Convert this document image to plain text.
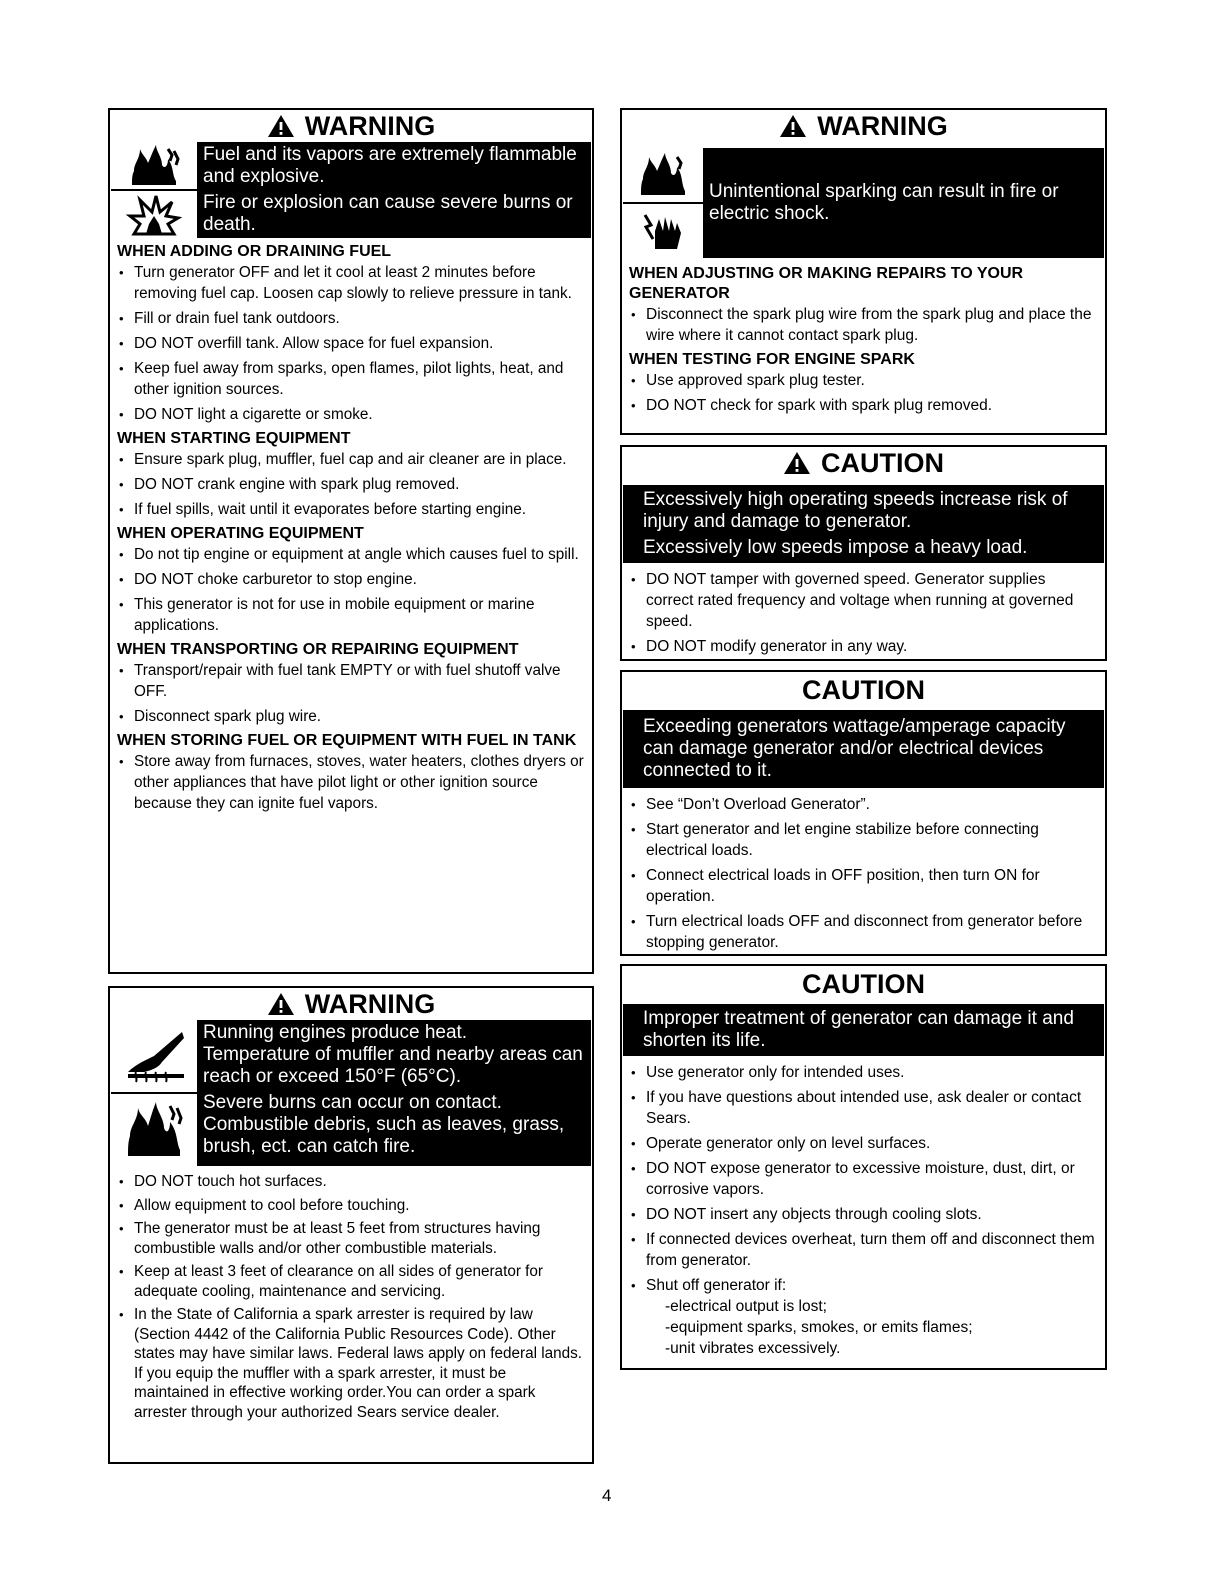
WARNING
Fuel and its vapors are extremely flammable and explosive.
Fire or explosion can cause severe burns or death.
WHEN ADDING OR DRAINING FUEL
• Turn generator OFF and let it cool at least 2 minutes before removing fuel cap. Loosen cap slowly to relieve pressure in tank.
• Fill or drain fuel tank outdoors.
• DO NOT overfill tank. Allow space for fuel expansion.
• Keep fuel away from sparks, open flames, pilot lights, heat, and other ignition sources.
• DO NOT light a cigarette or smoke.
WHEN STARTING EQUIPMENT
• Ensure spark plug, muffler, fuel cap and air cleaner are in place.
• DO NOT crank engine with spark plug removed.
• If fuel spills, wait until it evaporates before starting engine.
WHEN OPERATING EQUIPMENT
• Do not tip engine or equipment at angle which causes fuel to spill.
• DO NOT choke carburetor to stop engine.
• This generator is not for use in mobile equipment or marine applications.
WHEN TRANSPORTING OR REPAIRING EQUIPMENT
• Transport/repair with fuel tank EMPTY or with fuel shutoff valve OFF.
• Disconnect spark plug wire.
WHEN STORING FUEL OR EQUIPMENT WITH FUEL IN TANK
• Store away from furnaces, stoves, water heaters, clothes dryers or other appliances that have pilot light or other ignition source because they can ignite fuel vapors.
WARNING
Running engines produce heat.
Temperature of muffler and nearby areas can reach or exceed 150°F (65°C).
Severe burns can occur on contact.
Combustible debris, such as leaves, grass, brush, ect. can catch fire.
• DO NOT touch hot surfaces.
• Allow equipment to cool before touching.
• The generator must be at least 5 feet from structures having combustible walls and/or other combustible materials.
• Keep at least 3 feet of clearance on all sides of generator for adequate cooling, maintenance and servicing.
• In the State of California a spark arrester is required by law (Section 4442 of the California Public Resources Code). Other states may have similar laws. Federal laws apply on federal lands. If you equip the muffler with a spark arrester, it must be maintained in effective working order.You can order a spark arrester through your authorized Sears service dealer.
WARNING
Unintentional sparking can result in fire or electric shock.
WHEN ADJUSTING OR MAKING REPAIRS TO YOUR GENERATOR
• Disconnect the spark plug wire from the spark plug and place the wire where it cannot contact spark plug.
WHEN TESTING FOR ENGINE SPARK
• Use approved spark plug tester.
• DO NOT check for spark with spark plug removed.
CAUTION
Excessively high operating speeds increase risk of injury and damage to generator.
Excessively low speeds impose a heavy load.
• DO NOT tamper with governed speed. Generator supplies correct rated frequency and voltage when running at governed speed.
• DO NOT modify generator in any way.
CAUTION
Exceeding generators wattage/amperage capacity can damage generator and/or electrical devices connected to it.
• See “Don’t Overload Generator”.
• Start generator and let engine stabilize before connecting electrical loads.
• Connect electrical loads in OFF position, then turn ON for operation.
• Turn electrical loads OFF and disconnect from generator before stopping generator.
CAUTION
Improper treatment of generator can damage it and shorten its life.
• Use generator only for intended uses.
• If you have questions about intended use, ask dealer or contact Sears.
• Operate generator only on level surfaces.
• DO NOT expose generator to excessive moisture, dust, dirt, or corrosive vapors.
• DO NOT insert any objects through cooling slots.
• If connected devices overheat, turn them off and disconnect them from generator.
• Shut off generator if:
-electrical output is lost;
-equipment sparks, smokes, or emits flames;
-unit vibrates excessively.
4
